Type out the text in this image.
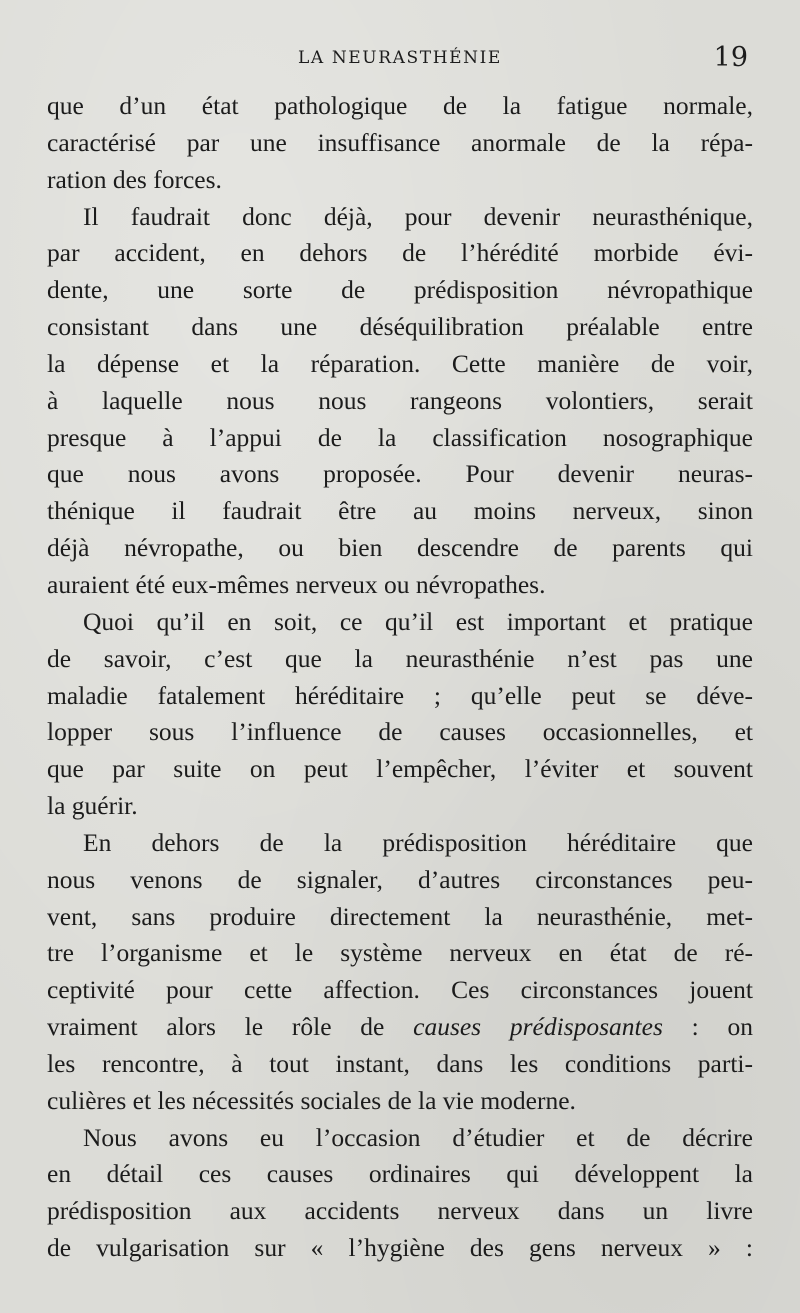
LA NEURASTHÉNIE	19
que d’un état pathologique de la fatigue normale,
caractérisé par une insuffisance anormale de la répa-
ration des forces.
Il faudrait donc déjà, pour devenir neurasthénique,
par accident, en dehors de l’hérédité morbide évi-
dente, une sorte de prédisposition névropathique
consistant dans une déséquilibration préalable entre
la dépense et la réparation. Cette manière de voir,
à laquelle nous nous rangeons volontiers, serait
presque à l’appui de la classification nosographique
que nous avons proposée. Pour devenir neuras-
thénique il faudrait être au moins nerveux, sinon
déjà névropathe, ou bien descendre de parents qui
auraient été eux-mêmes nerveux ou névropathes.
Quoi qu’il en soit, ce qu’il est important et pratique
de savoir, c’est que la neurasthénie n’est pas une
maladie fatalement héréditaire ; qu’elle peut se déve-
lopper sous l’influence de causes occasionnelles, et
que par suite on peut l’empêcher, l’éviter et souvent
la guérir.
En dehors de la prédisposition héréditaire que
nous venons de signaler, d’autres circonstances peu-
vent, sans produire directement la neurasthénie, met-
tre l’organisme et le système nerveux en état de ré-
ceptivité pour cette affection. Ces circonstances jouent
vraiment alors le rôle de causes prédisposantes : on
les rencontre, à tout instant, dans les conditions parti-
culières et les nécessités sociales de la vie moderne.
Nous avons eu l’occasion d’étudier et de décrire
en détail ces causes ordinaires qui développent la
prédisposition aux accidents nerveux dans un livre
de vulgarisation sur « l’hygiène des gens nerveux » :
